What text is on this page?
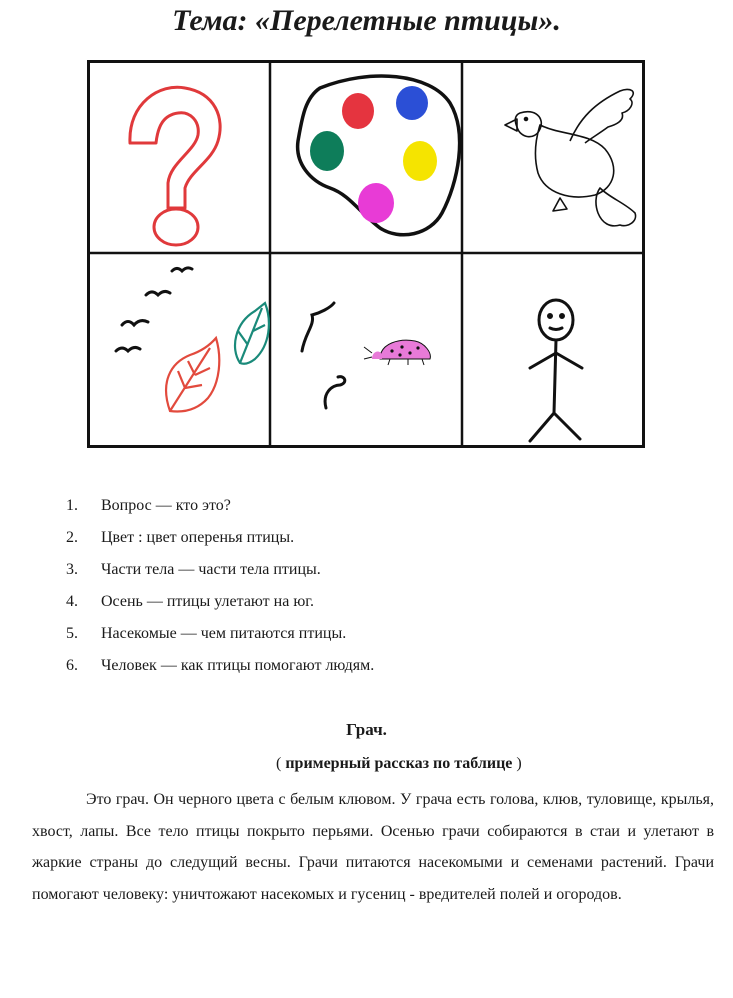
Тема: «Перелетные птицы».
1.	Вопрос — кто это?
2.	Цвет : цвет оперенья птицы.
3.	Части тела — части тела птицы.
4.	Осень — птицы улетают на юг.
5.	Насекомые — чем питаются птицы.
6.	Человек — как птицы помогают людям.
Грач.
( примерный рассказ по таблице )

Это грач. Он черного цвета с белым клювом. У грача есть голова, клюв, туловище, крылья, хвост, лапы. Все тело птицы покрыто перьями. Осенью грачи собираются в стаи и улетают в жаркие страны до следущий весны. Грачи питаются насекомыми и семенами растений. Грачи помогают человеку: уничтожают насекомых и гусениц - вредителей полей и огородов.
